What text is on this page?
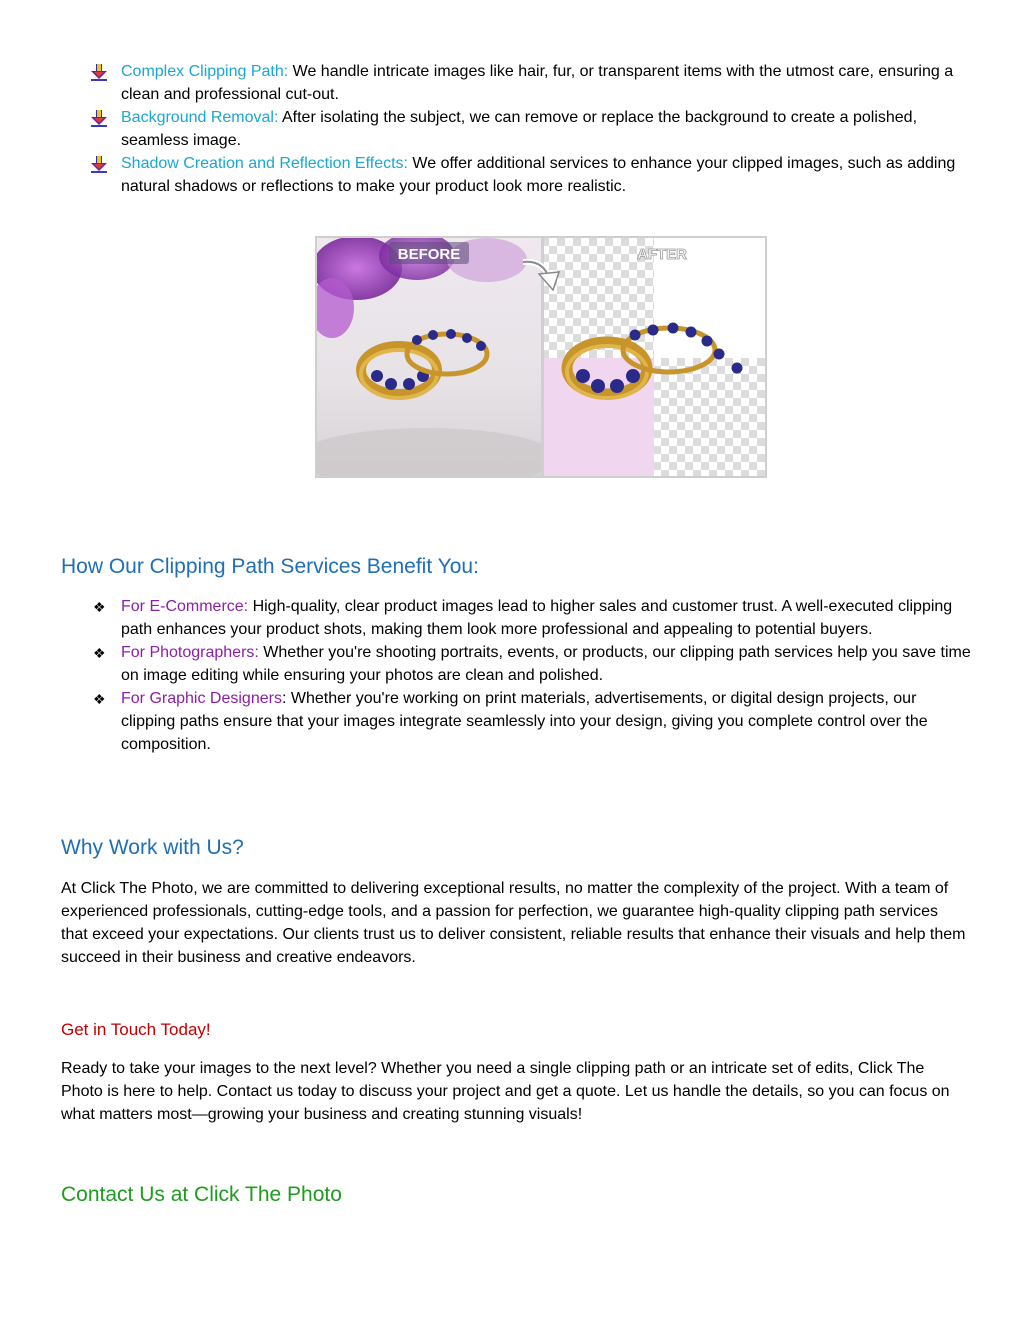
Complex Clipping Path: We handle intricate images like hair, fur, or transparent items with the utmost care, ensuring a clean and professional cut-out.
Background Removal: After isolating the subject, we can remove or replace the background to create a polished, seamless image.
Shadow Creation and Reflection Effects: We offer additional services to enhance your clipped images, such as adding natural shadows or reflections to make your product look more realistic.
BEFORE	AFTER
How Our Clipping Path Services Benefit You:
❖ For E-Commerce: High-quality, clear product images lead to higher sales and customer trust. A well-executed clipping path enhances your product shots, making them look more professional and appealing to potential buyers.
❖ For Photographers: Whether you're shooting portraits, events, or products, our clipping path services help you save time on image editing while ensuring your photos are clean and polished.
❖ For Graphic Designers: Whether you're working on print materials, advertisements, or digital design projects, our clipping paths ensure that your images integrate seamlessly into your design, giving you complete control over the composition.
Why Work with Us?

At Click The Photo, we are committed to delivering exceptional results, no matter the complexity of the project. With a team of experienced professionals, cutting-edge tools, and a passion for perfection, we guarantee high-quality clipping path services that exceed your expectations. Our clients trust us to deliver consistent, reliable results that enhance their visuals and help them succeed in their business and creative endeavors.

Get in Touch Today!

Ready to take your images to the next level? Whether you need a single clipping path or an intricate set of edits, Click The Photo is here to help. Contact us today to discuss your project and get a quote. Let us handle the details, so you can focus on what matters most—growing your business and creating stunning visuals!

Contact Us at Click The Photo
